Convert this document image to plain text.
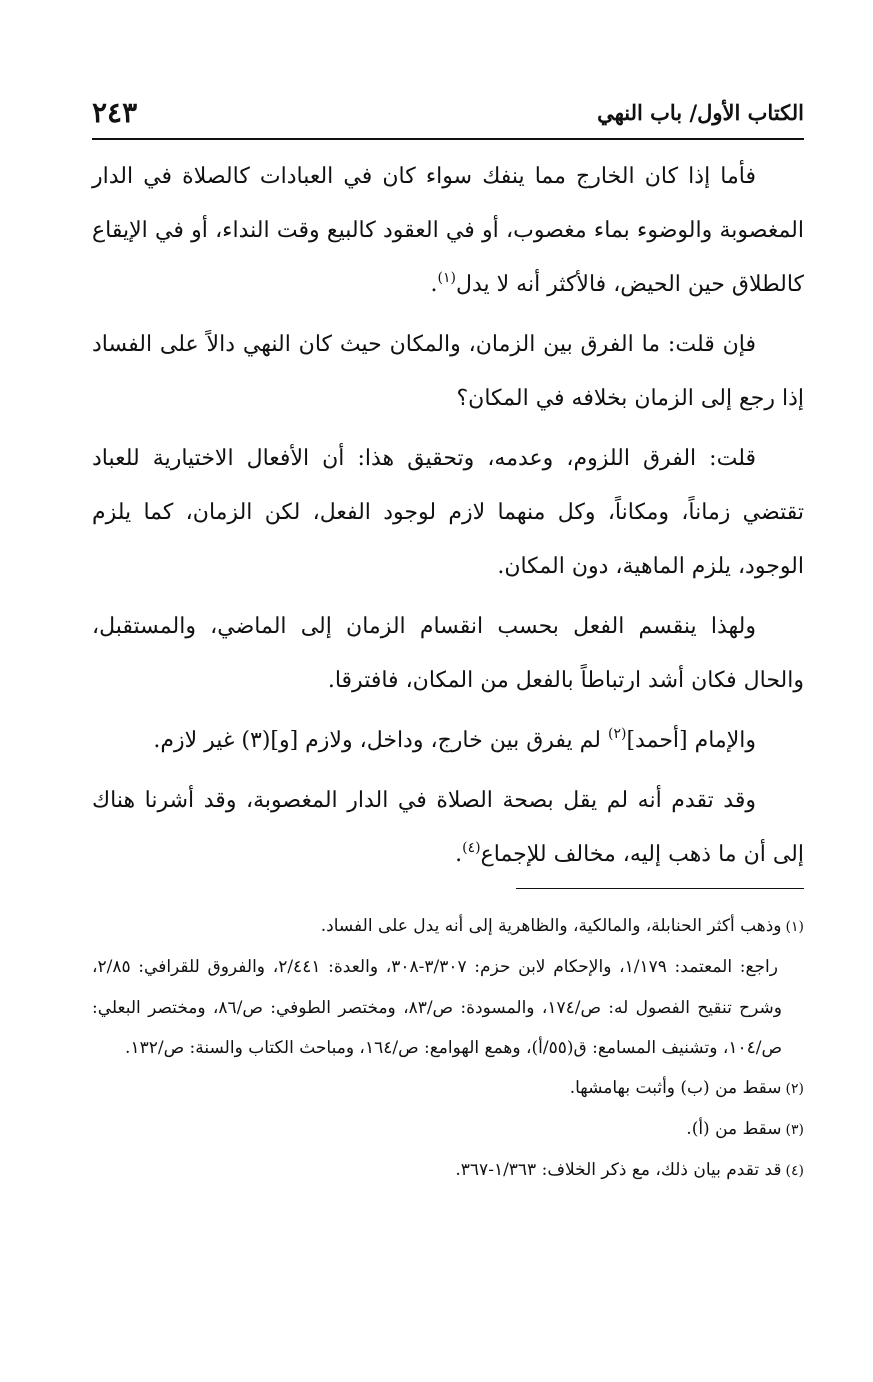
الكتاب الأول/ باب النهي
٢٤٣

فأما إذا كان الخارج مما ينفك سواء كان في العبادات كالصلاة في الدار المغصوبة والوضوء بماء مغصوب، أو في العقود كالبيع وقت النداء، أو في الإيقاع كالطلاق حين الحيض، فالأكثر أنه لا يدل$^{(١)}$.

فإن قلت: ما الفرق بين الزمان، والمكان حيث كان النهي دالاً على الفساد إذا رجع إلى الزمان بخلافه في المكان؟

قلت: الفرق اللزوم، وعدمه، وتحقيق هذا: أن الأفعال الاختيارية للعباد تقتضي زماناً، ومكاناً، وكل منهما لازم لوجود الفعل، لكن الزمان، كما يلزم الوجود، يلزم الماهية، دون المكان.

ولهذا ينقسم الفعل بحسب انقسام الزمان إلى الماضي، والمستقبل، والحال فكان أشد ارتباطاً بالفعل من المكان، فافترقا.

والإمام [أحمد]$^{(٢)}$ لم يفرق بين خارج، وداخل، ولازم [و](٣) غير لازم.

وقد تقدم أنه لم يقل بصحة الصلاة في الدار المغصوبة، وقد أشرنا هناك إلى أن ما ذهب إليه، مخالف للإجماع$^{(٤)}$.

(١)وذهب أكثر الحنابلة، والمالكية، والظاهرية إلى أنه يدل على الفساد.

راجع: المعتمد: ١/١٧٩، والإحكام لابن حزم: ٣/٣٠٧-٣٠٨، والعدة: ٢/٤٤١، والفروق للقرافي: ٢/٨٥، وشرح تنقيح الفصول له: ص/١٧٤، والمسودة: ص/٨٣، ومختصر الطوفي: ص/٨٦، ومختصر البعلي: ص/١٠٤، وتشنيف المسامع: ق(٥٥/أ)، وهمع الهوامع: ص/١٦٤، ومباحث الكتاب والسنة: ص/١٣٢.

(٢)سقط من (ب) وأثبت بهامشها.

(٣)سقط من (أ).

(٤)قد تقدم بيان ذلك، مع ذكر الخلاف: ١/٣٦٣-٣٦٧.
